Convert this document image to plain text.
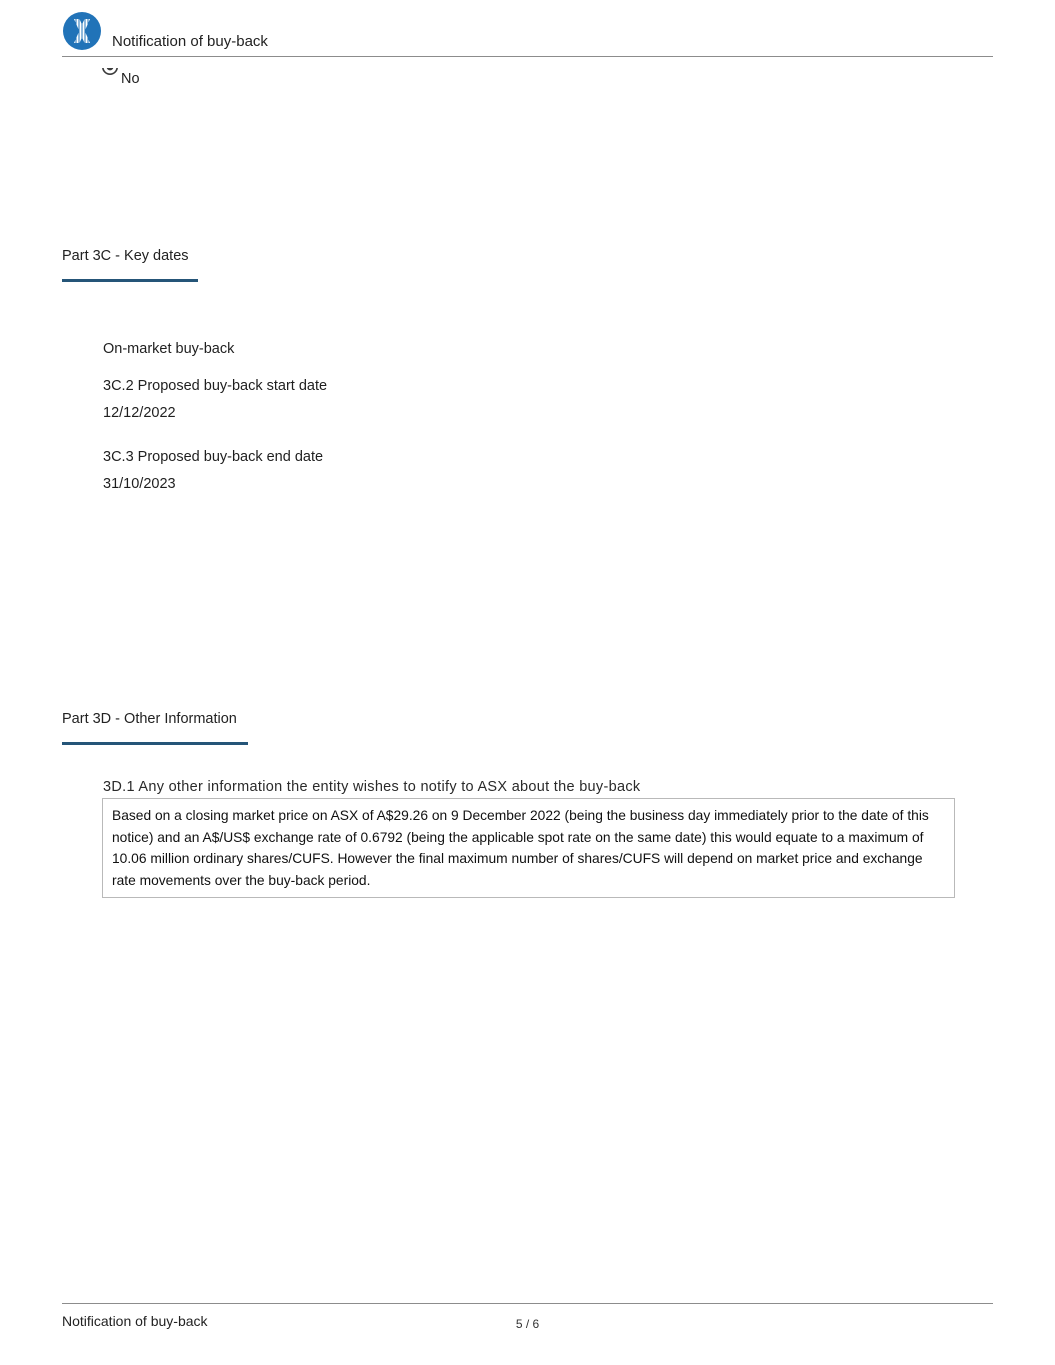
Notification of buy-back
No
Part 3C - Key dates
On-market buy-back
3C.2 Proposed buy-back start date
12/12/2022
3C.3 Proposed buy-back end date
31/10/2023
Part 3D - Other Information
3D.1 Any other information the entity wishes to notify to ASX about the buy-back
Based on a closing market price on ASX of A$29.26 on 9 December 2022 (being the business day immediately prior to the date of this notice) and an A$/US$ exchange rate of 0.6792 (being the applicable spot rate on the same date) this would equate to a maximum of 10.06 million ordinary shares/CUFS. However the final maximum number of shares/CUFS will depend on market price and exchange rate movements over the buy-back period.
Notification of buy-back	5 / 6
